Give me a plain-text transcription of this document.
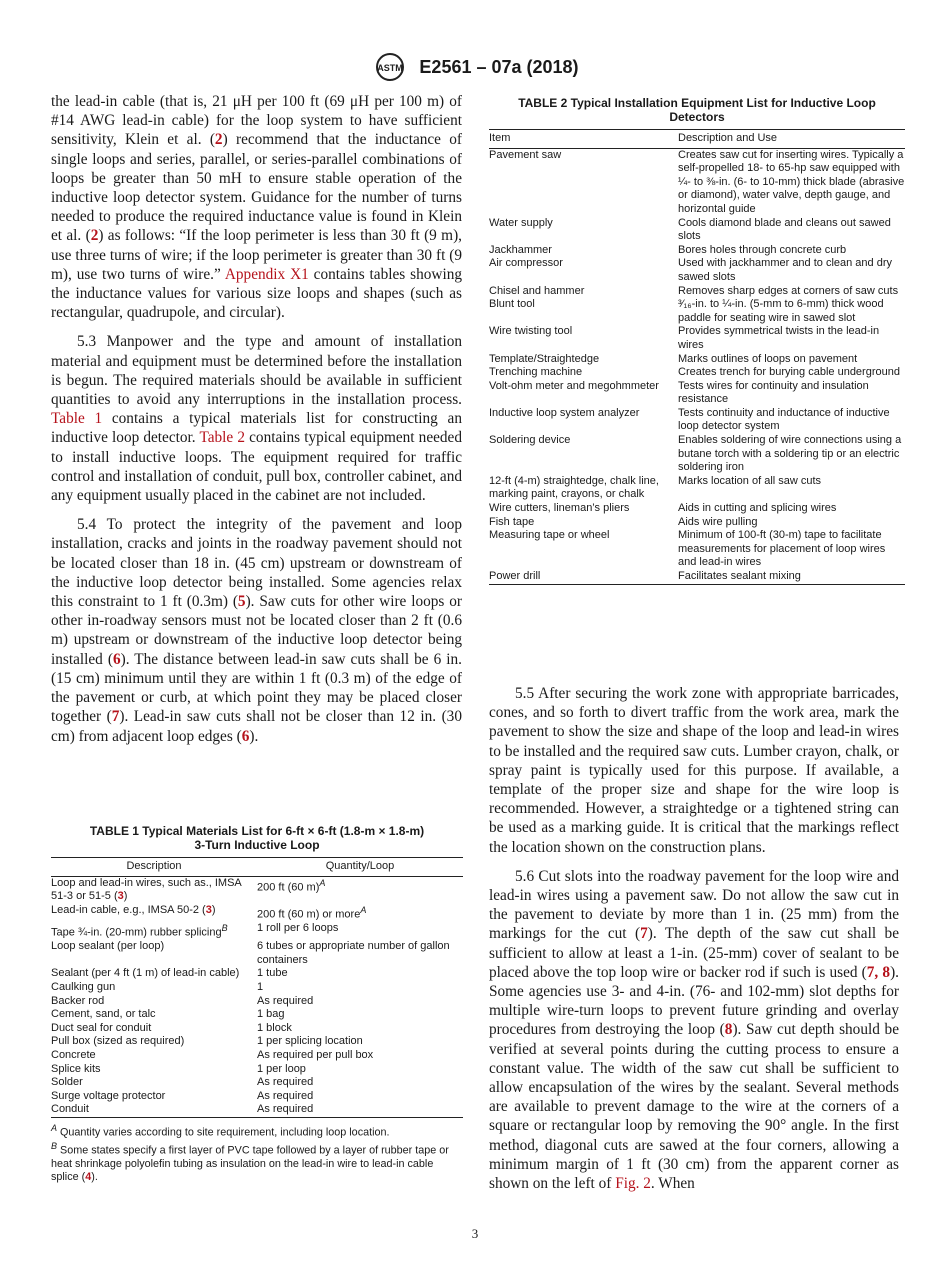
ASTM E2561 – 07a (2018)

the lead-in cable (that is, 21 μH per 100 ft (69 μH per 100 m) of #14 AWG lead-in cable) for the loop system to have sufficient sensitivity, Klein et al. (2) recommend that the inductance of single loops and series, parallel, or series-parallel combinations of loops be greater than 50 mH to ensure stable operation of the inductive loop detector system. Guidance for the number of turns needed to produce the required inductance value is found in Klein et al. (2) as follows: “If the loop perimeter is less than 30 ft (9 m), use three turns of wire; if the loop perimeter is greater than 30 ft (9 m), use two turns of wire.” Appendix X1 contains tables showing the inductance values for various size loops and shapes (such as rectangular, quadrupole, and circular).

5.3 Manpower and the type and amount of installation material and equipment must be determined before the installation is begun. The required materials should be available in sufficient quantities to avoid any interruptions in the installation process. Table 1 contains a typical materials list for constructing an inductive loop detector. Table 2 contains typical equipment needed to install inductive loops. The equipment required for traffic control and installation of conduit, pull box, controller cabinet, and any equipment usually placed in the cabinet are not included.

5.4 To protect the integrity of the pavement and loop installation, cracks and joints in the roadway pavement should not be located closer than 18 in. (45 cm) upstream or downstream of the inductive loop detector being installed. Some agencies relax this constraint to 1 ft (0.3m) (5). Saw cuts for other wire loops or other in-roadway sensors must not be located closer than 2 ft (0.6 m) upstream or downstream of the inductive loop detector being installed (6). The distance between lead-in saw cuts shall be 6 in. (15 cm) minimum until they are within 1 ft (0.3 m) of the edge of the pavement or curb, at which point they may be placed closer together (7). Lead-in saw cuts shall not be closer than 12 in. (30 cm) from adjacent loop edges (6).

TABLE 1 Typical Materials List for 6-ft × 6-ft (1.8-m × 1.8-m)
3-Turn Inductive Loop
Description	Quantity/Loop
Loop and lead-in wires, such as., IMSA 51-3 or 51-5 (3)	200 ft (60 m)$^A$
Lead-in cable, e.g., IMSA 50-2 (3)	200 ft (60 m) or more$^A$
Tape ¾-in. (20-mm) rubber splicing$^B$	1 roll per 6 loops
Loop sealant (per loop)	6 tubes or appropriate number of gallon containers
Sealant (per 4 ft (1 m) of lead-in cable)	1 tube
Caulking gun	1
Backer rod	As required
Cement, sand, or talc	1 bag
Duct seal for conduit	1 block
Pull box (sized as required)	1 per splicing location
Concrete	As required per pull box
Splice kits	1 per loop
Solder	As required
Surge voltage protector	As required
Conduit	As required

$^A$ Quantity varies according to site requirement, including loop location.

$^B$ Some states specify a first layer of PVC tape followed by a layer of rubber tape or heat shrinkage polyolefin tubing as insulation on the lead-in wire to lead-in cable splice (4).

TABLE 2 Typical Installation Equipment List for Inductive Loop
Detectors
Item	Description and Use
Pavement saw	Creates saw cut for inserting wires. Typically a self-propelled 18- to 65-hp saw equipped with ¼- to ⅜-in. (6- to 10-mm) thick blade (abrasive or diamond), water valve, depth gauge, and horizontal guide
Water supply	Cools diamond blade and cleans out sawed slots
Jackhammer	Bores holes through concrete curb
Air compressor	Used with jackhammer and to clean and dry sawed slots
Chisel and hammer	Removes sharp edges at corners of saw cuts
Blunt tool	³⁄₁₆-in. to ¼-in. (5-mm to 6-mm) thick wood paddle for seating wire in sawed slot
Wire twisting tool	Provides symmetrical twists in the lead-in wires
Template/Straightedge	Marks outlines of loops on pavement
Trenching machine	Creates trench for burying cable underground
Volt-ohm meter and megohmmeter	Tests wires for continuity and insulation resistance
Inductive loop system analyzer	Tests continuity and inductance of inductive loop detector system
Soldering device	Enables soldering of wire connections using a butane torch with a soldering tip or an electric soldering iron
12-ft (4-m) straightedge, chalk line, marking paint, crayons, or chalk	Marks location of all saw cuts
Wire cutters, lineman’s pliers	Aids in cutting and splicing wires
Fish tape	Aids wire pulling
Measuring tape or wheel	Minimum of 100-ft (30-m) tape to facilitate measurements for placement of loop wires and lead-in wires
Power drill	Facilitates sealant mixing

5.5 After securing the work zone with appropriate barricades, cones, and so forth to divert traffic from the work area, mark the pavement to show the size and shape of the loop and lead-in wires to be installed and the required saw cuts. Lumber crayon, chalk, or spray paint is typically used for this purpose. If available, a template of the proper size and shape for the wire loop is recommended. However, a straightedge or a tightened string can be used as a marking guide. It is critical that the markings reflect the location shown on the construction plans.

5.6 Cut slots into the roadway pavement for the loop wire and lead-in wires using a pavement saw. Do not allow the saw cut in the pavement to deviate by more than 1 in. (25 mm) from the markings for the cut (7). The depth of the saw cut shall be sufficient to allow at least a 1-in. (25-mm) cover of sealant to be placed above the top loop wire or backer rod if such is used (7, 8). Some agencies use 3- and 4-in. (76- and 102-mm) slot depths for multiple wire-turn loops to prevent future grinding and overlay procedures from destroying the loop (8). Saw cut depth should be verified at several points during the cutting process to ensure a constant value. The width of the saw cut shall be sufficient to allow encapsulation of the wires by the sealant. Several methods are available to prevent damage to the wire at the corners of a square or rectangular loop by removing the 90° angle. In the first method, diagonal cuts are sawed at the four corners, allowing a minimum margin of 1 ft (30 cm) from the apparent corner as shown on the left of Fig. 2. When

3
